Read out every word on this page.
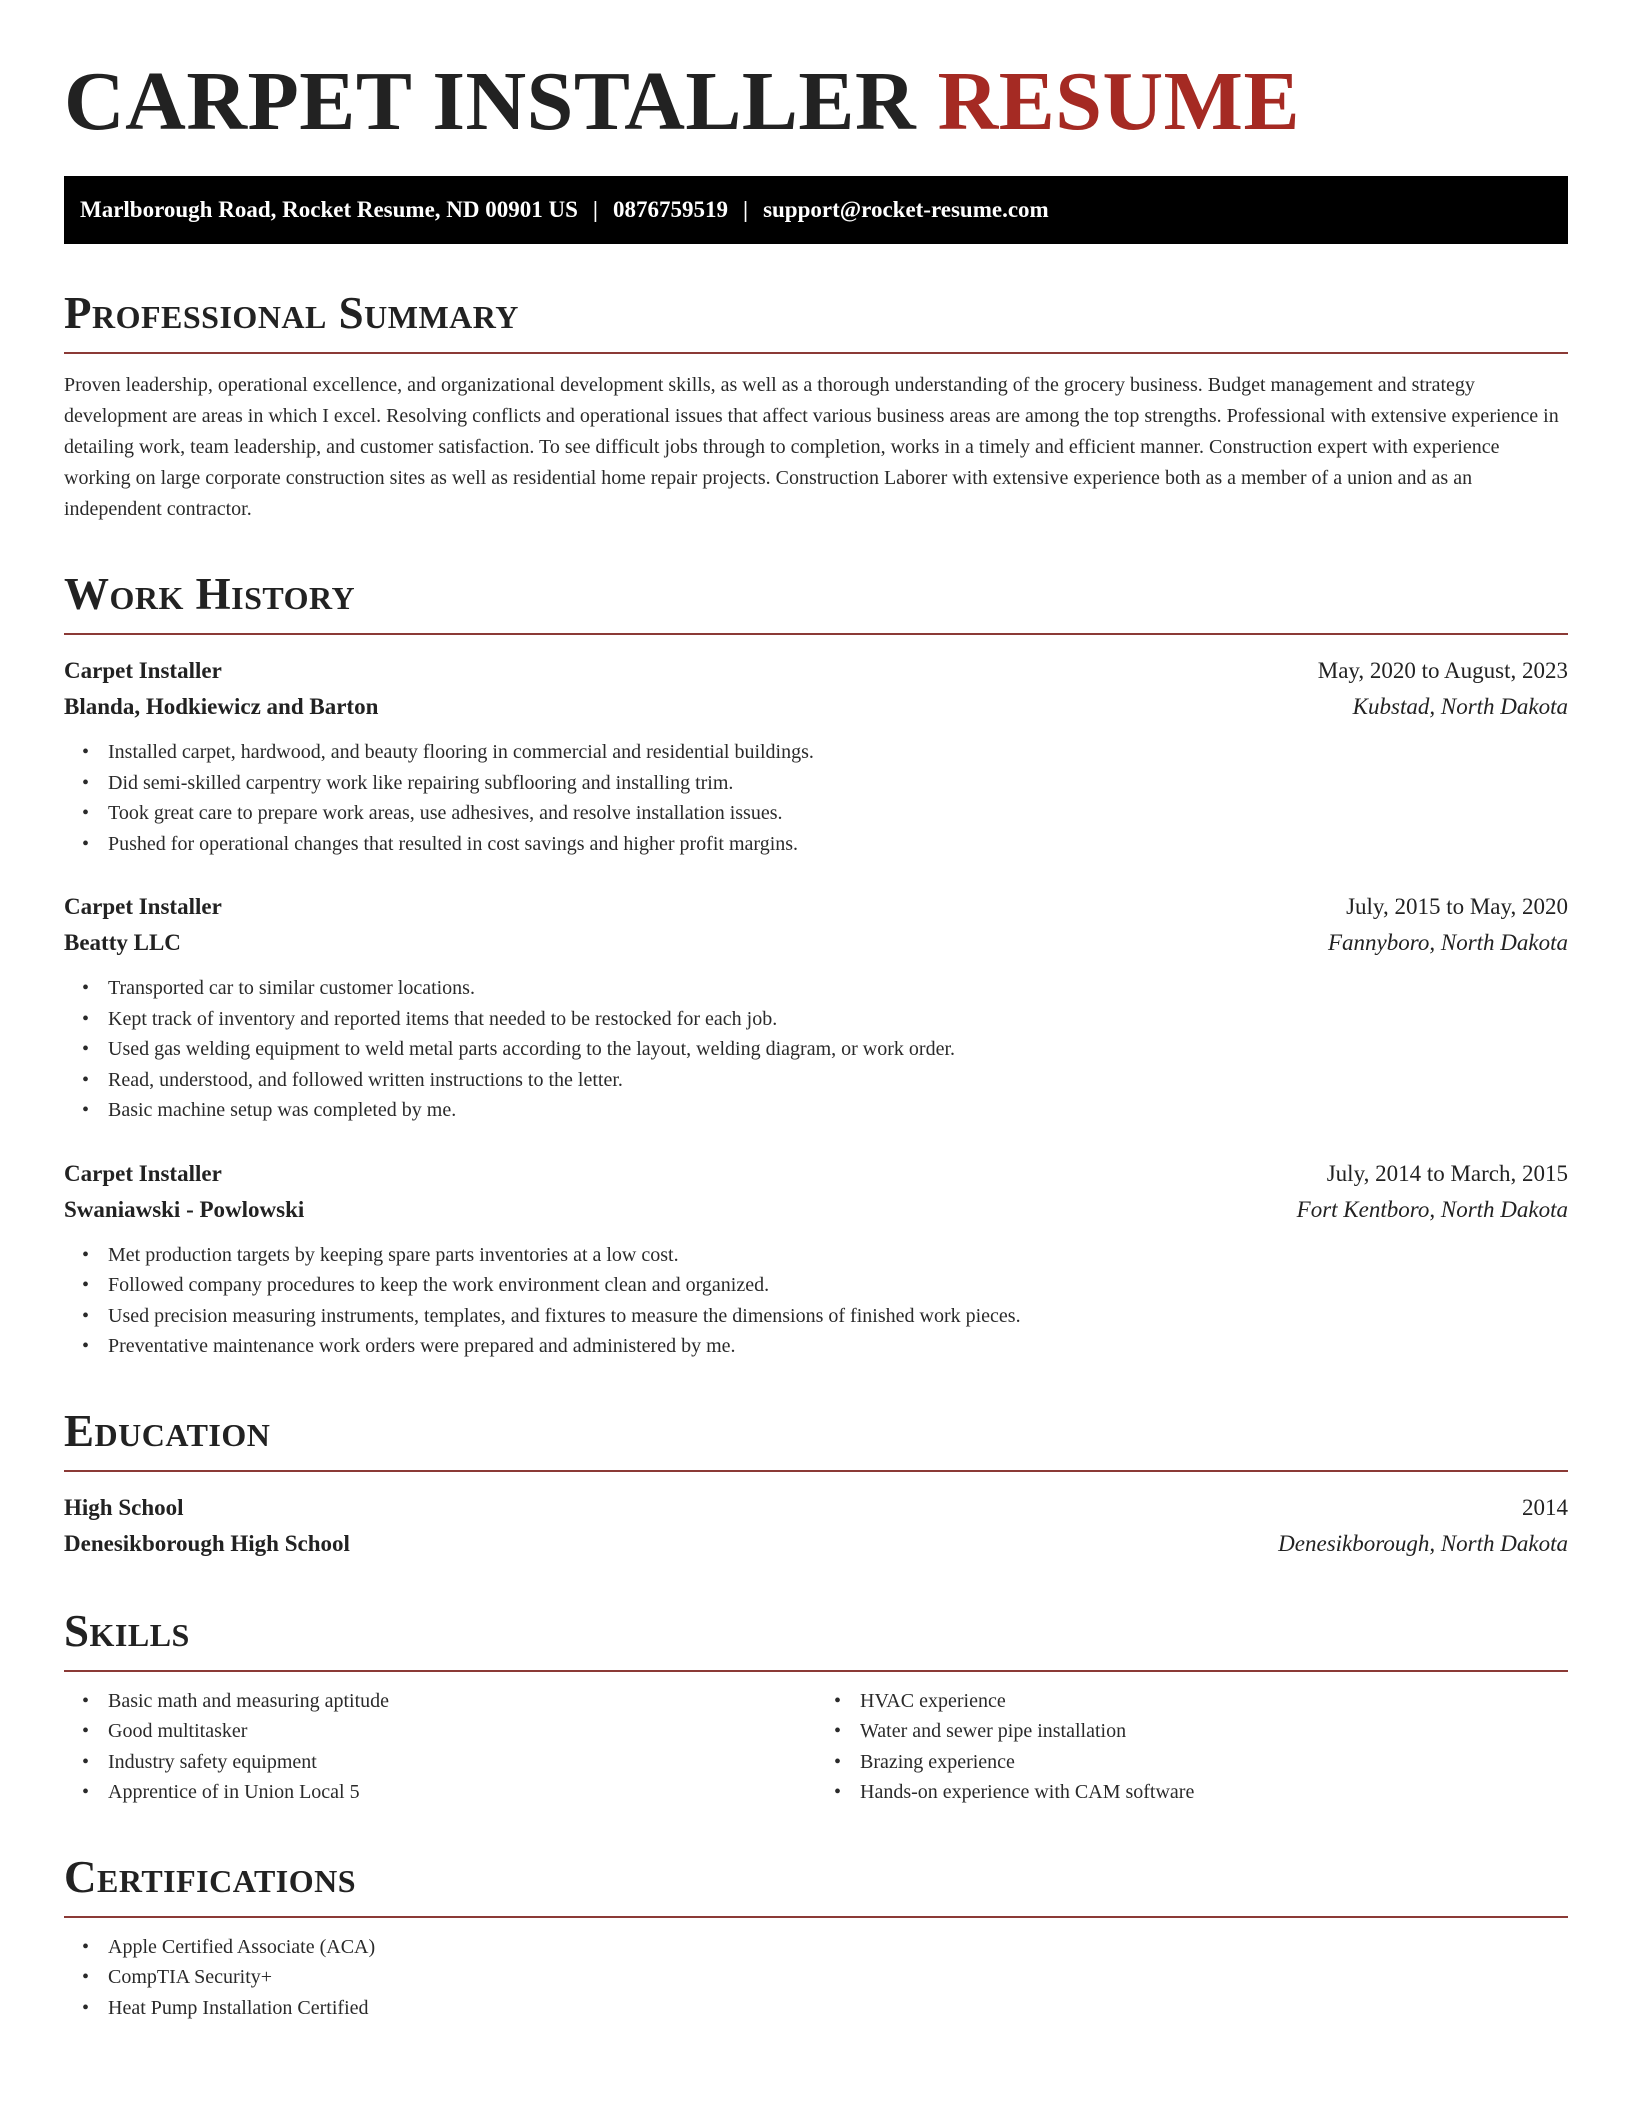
CARPET INSTALLER RESUME
Marlborough Road, Rocket Resume, ND 00901 US | 0876759519 | support@rocket-resume.com
Professional Summary

Proven leadership, operational excellence, and organizational development skills, as well as a thorough understanding of the grocery business. Budget management and strategy development are areas in which I excel. Resolving conflicts and operational issues that affect various business areas are among the top strengths. Professional with extensive experience in detailing work, team leadership, and customer satisfaction. To see difficult jobs through to completion, works in a timely and efficient manner. Construction expert with experience working on large corporate construction sites as well as residential home repair projects. Construction Laborer with extensive experience both as a member of a union and as an independent contractor.

Work History
Carpet Installer	May, 2020 to August, 2023
Blanda, Hodkiewicz and Barton	Kubstad, North Dakota
• Installed carpet, hardwood, and beauty flooring in commercial and residential buildings.
• Did semi-skilled carpentry work like repairing subflooring and installing trim.
• Took great care to prepare work areas, use adhesives, and resolve installation issues.
• Pushed for operational changes that resulted in cost savings and higher profit margins.
Carpet Installer	July, 2015 to May, 2020
Beatty LLC	Fannyboro, North Dakota
• Transported car to similar customer locations.
• Kept track of inventory and reported items that needed to be restocked for each job.
• Used gas welding equipment to weld metal parts according to the layout, welding diagram, or work order.
• Read, understood, and followed written instructions to the letter.
• Basic machine setup was completed by me.
Carpet Installer	July, 2014 to March, 2015
Swaniawski - Powlowski	Fort Kentboro, North Dakota
• Met production targets by keeping spare parts inventories at a low cost.
• Followed company procedures to keep the work environment clean and organized.
• Used precision measuring instruments, templates, and fixtures to measure the dimensions of finished work pieces.
• Preventative maintenance work orders were prepared and administered by me.
Education
High School	2014
Denesikborough High School	Denesikborough, North Dakota
Skills
• Basic math and measuring aptitude
• Good multitasker
• Industry safety equipment
• Apprentice of in Union Local 5
• HVAC experience
• Water and sewer pipe installation
• Brazing experience
• Hands-on experience with CAM software
Certifications
• Apple Certified Associate (ACA)
• CompTIA Security+
• Heat Pump Installation Certified
